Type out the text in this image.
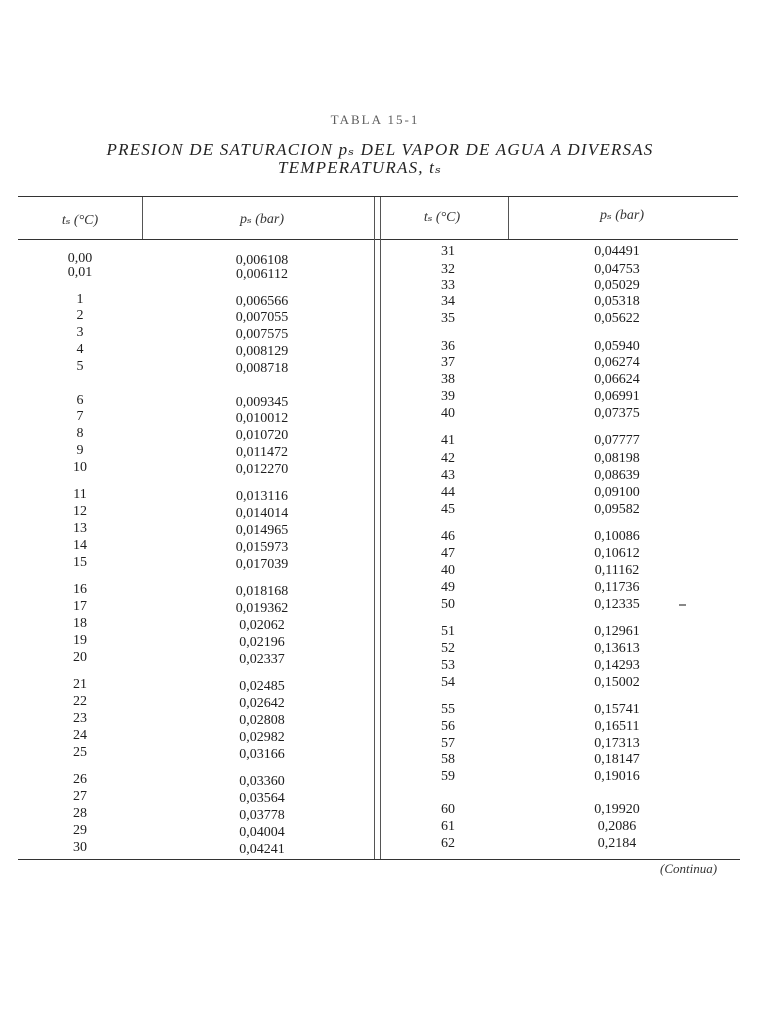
TABLA 15-1
PRESION DE SATURACION pₛ DEL VAPOR DE AGUA A DIVERSAS
TEMPERATURAS, tₛ
tₛ (°C)	pₛ (bar)	tₛ (°C)	pₛ (bar)
0,00	0,006108
0,01	0,006112
1	0,006566
2	0,007055
3	0,007575
4	0,008129
5	0,008718
6	0,009345
7	0,010012
8	0,010720
9	0,011472
10	0,012270
11	0,013116
12	0,014014
13	0,014965
14	0,015973
15	0,017039
16	0,018168
17	0,019362
18	0,02062
19	0,02196
20	0,02337
21	0,02485
22	0,02642
23	0,02808
24	0,02982
25	0,03166
26	0,03360
27	0,03564
28	0,03778
29	0,04004
30	0,04241
31	0,04491
32	0,04753
33	0,05029
34	0,05318
35	0,05622
36	0,05940
37	0,06274
38	0,06624
39	0,06991
40	0,07375
41	0,07777
42	0,08198
43	0,08639
44	0,09100
45	0,09582
46	0,10086
47	0,10612
40	0,11162
49	0,11736
50	0,12335
51	0,12961
52	0,13613
53	0,14293
54	0,15002
55	0,15741
56	0,16511
57	0,17313
58	0,18147
59	0,19016
60	0,19920
61	0,2086
62	0,2184
(Continua)
